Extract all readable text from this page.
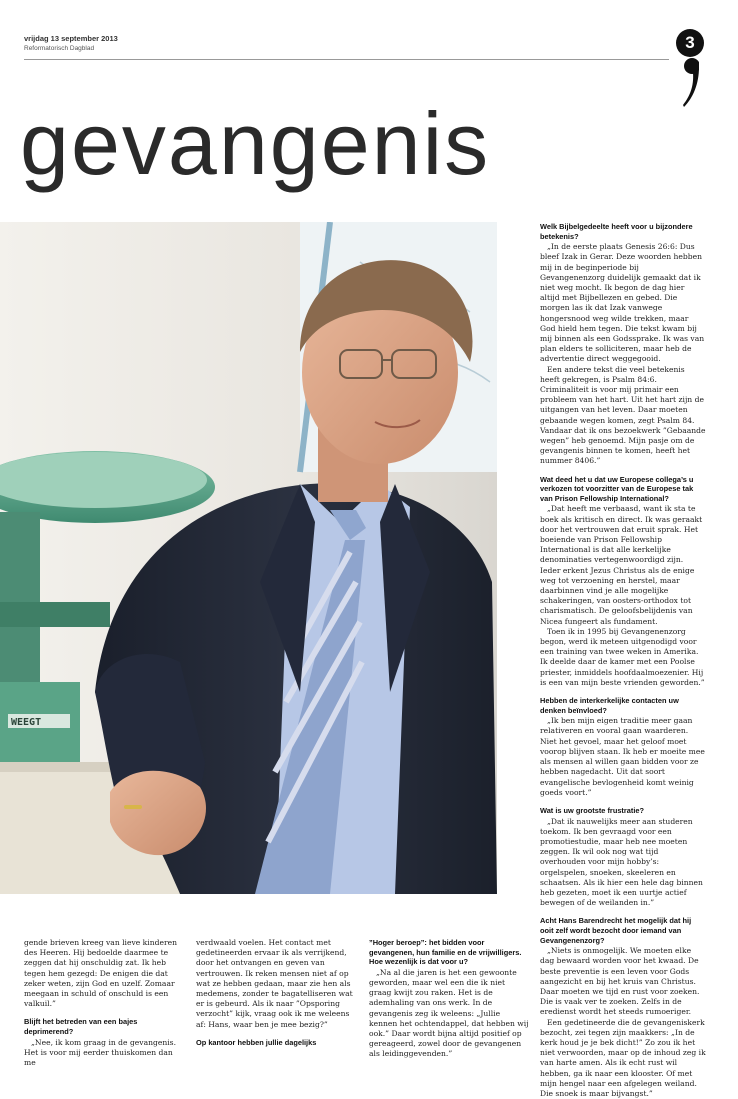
vrijdag 13 september 2013
Reformatorisch Dagblad	3
gevangenis
WEEGT
Welk Bijbelgedeelte heeft voor u bijzondere betekenis?

„In de eerste plaats Genesis 26:6: Dus bleef Izak in Gerar. Deze woorden hebben mij in de beginperiode bij Gevangenenzorg duidelijk gemaakt dat ik niet weg mocht. Ik begon de dag hier altijd met Bijbellezen en gebed. Die morgen las ik dat Izak vanwege hongersnood weg wilde trekken, maar God hield hem tegen. Die tekst kwam bij mij binnen als een Godssprake. Ik was van plan elders te solliciteren, maar heb de advertentie direct weggegooid.

Een andere tekst die veel betekenis heeft gekregen, is Psalm 84:6. Criminaliteit is voor mij primair een probleem van het hart. Uit het hart zijn de uitgangen van het leven. Daar moeten gebaande wegen komen, zegt Psalm 84. Vandaar dat ik ons bezoekwerk ”Gebaande wegen” heb genoemd. Mijn pasje om de gevangenis binnen te komen, heeft het nummer 8406.”

Wat deed het u dat uw Europese collega’s u verkozen tot voorzitter van de Europese tak van Prison Fellowship International?

„Dat heeft me verbaasd, want ik sta te boek als kritisch en direct. Ik was geraakt door het vertrouwen dat eruit sprak. Het boeiende van Prison Fellowship International is dat alle kerkelijke denominaties vertegenwoordigd zijn. Ieder erkent Jezus Christus als de enige weg tot verzoening en herstel, maar daarbinnen vind je alle mogelijke schakeringen, van oosters-orthodox tot charismatisch. De geloofsbelijdenis van Nicea fungeert als fundament.

Toen ik in 1995 bij Gevangenenzorg begon, werd ik meteen uitgenodigd voor een training van twee weken in Amerika. Ik deelde daar de kamer met een Poolse priester, inmiddels hoofdaalmoezenier. Hij is een van mijn beste vrienden geworden.”

Hebben de interkerkelijke contacten uw denken beïnvloed?

„Ik ben mijn eigen traditie meer gaan relativeren en vooral gaan waarderen. Niet het gevoel, maar het geloof moet voorop blijven staan. Ik heb er moeite mee als mensen al willen gaan bidden voor ze hebben nagedacht. Uit dat soort evangelische bevlogenheid komt weinig goeds voort.”

Wat is uw grootste frustratie?

„Dat ik nauwelijks meer aan studeren toekom. Ik ben gevraagd voor een promotiestudie, maar heb nee moeten zeggen. Ik wil ook nog wat tijd overhouden voor mijn hobby’s: orgelspelen, snoeken, skeeleren en schaatsen. Als ik hier een hele dag binnen heb gezeten, moet ik een uurtje actief bewegen of de weilanden in.”

Acht Hans Barendrecht het mogelijk dat hij ooit zelf wordt bezocht door iemand van Gevangenenzorg?

„Niets is onmogelijk. We moeten elke dag bewaard worden voor het kwaad. De beste preventie is een leven voor Gods aangezicht en bij het kruis van Christus. Daar moeten we tijd en rust voor zoeken. Die is vaak ver te zoeken. Zelfs in de eredienst wordt het steeds rumoeriger.

Een gedetineerde die de gevangeniskerk bezocht, zei tegen zijn maakkers: „In de kerk houd je je bek dicht!” Zo zou ik het niet verwoorden, maar op de inhoud zeg ik van harte amen. Als ik echt rust wil hebben, ga ik naar een klooster. Of met mijn hengel naar een afgelegen weiland. Die snoek is maar bijvangst.”

gende brieven kreeg van lieve kinderen des Heeren. Hij bedoelde daarmee te zeggen dat hij onschuldig zat. Ik heb tegen hem gezegd: De enigen die dat zeker weten, zijn God en uzelf. Zomaar meegaan in schuld of onschuld is een valkuil.”

Blijft het betreden van een bajes deprimerend?

„Nee, ik kom graag in de gevangenis. Het is voor mij eerder thuiskomen dan me

verdwaald voelen. Het contact met gedetineerden ervaar ik als verrijkend, door het ontvangen en geven van vertrouwen. Ik reken mensen niet af op wat ze hebben gedaan, maar zie hen als medemens, zonder te bagatelliseren wat er is gebeurd. Als ik naar ”Opsporing verzocht” kijk, vraag ook ik me weleens af: Hans, waar ben je mee bezig?”

Op kantoor hebben jullie dagelijks
”Hoger beroep”: het bidden voor gevangenen, hun familie en de vrijwilligers. Hoe wezenlijk is dat voor u?

„Na al die jaren is het een gewoonte geworden, maar wel een die ik niet graag kwijt zou raken. Het is de ademhaling van ons werk. In de gevangenis zeg ik weleens: „Jullie kennen het ochtendappel, dat hebben wij ook.” Daar wordt bijna altijd positief op gereageerd, zowel door de gevangenen als leidinggevenden.”
